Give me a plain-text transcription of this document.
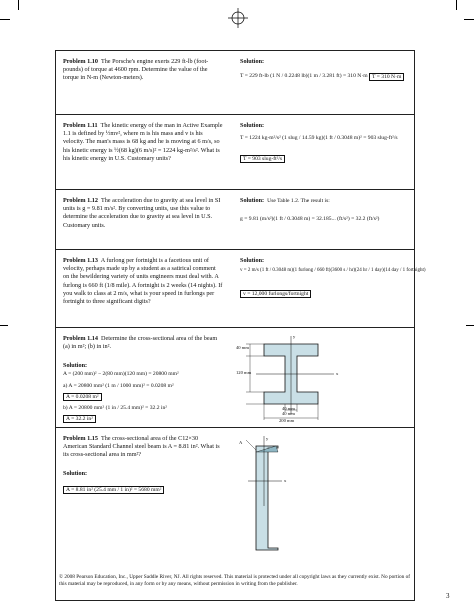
Problem 1.10 The Porsche's engine exerts 229 ft-lb (foot-pounds) of torque at 4600 rpm. Determine the value of the torque in N-m (Newton-meters).
Solution:
T = 229 ft-lb (1 N / 0.2248 lb)(1 m / 3.281 ft) = 310 N·m T = 310 N·m
Problem 1.11 The kinetic energy of the man in Active Example 1.1 is defined by ½mv², where m is his mass and v is his velocity. The man's mass is 68 kg and he is moving at 6 m/s, so his kinetic energy is ½(68 kg)(6 m/s)² = 1224 kg-m²/s². What is his kinetic energy in U.S. Customary units?
Solution:
T = 1224 kg-m²/s² (1 slug / 14.59 kg)(1 ft / 0.3048 m)² = 903 slug-ft²/s
T = 903 slug-ft²/s
Problem 1.12 The acceleration due to gravity at sea level in SI units is g = 9.81 m/s². By converting units, use this value to determine the acceleration due to gravity at sea level in U.S. Customary units.
Solution: Use Table 1.2. The result is:
g = 9.81 (m/s²)(1 ft / 0.3048 m) = 32.185... (ft/s²) = 32.2 (ft/s²)
Problem 1.13 A furlong per fortnight is a facetious unit of velocity, perhaps made up by a student as a satirical comment on the bewildering variety of units engineers must deal with. A furlong is 660 ft (1/8 mile). A fortnight is 2 weeks (14 nights). If you walk to class at 2 m/s, what is your speed in furlongs per fortnight to three significant digits?
Solution:
v = 2 m/s (1 ft / 0.3048 m)(1 furlong / 660 ft)(3600 s / hr)(24 hr / 1 day)(14 day / 1 fortnight)
v = 12,000 furlongs/fortnight
Problem 1.14 Determine the cross-sectional area of the beam (a) in m²; (b) in in².
Solution:
A = (200 mm)² − 2(80 mm)(120 mm) = 20800 mm²
a) A = 20800 mm² (1 m / 1000 mm)² = 0.0208 m²
A = 0.0208 m²
b) A = 20800 mm² (1 in / 25.4 mm)² = 32.2 in²
A = 32.2 in²
40 mm
120 mm
40 mm
40 mm
200 mm
y
x
Problem 1.15 The cross-sectional area of the C12×30 American Standard Channel steel beam is A = 8.81 in². What is its cross-sectional area in mm²?
Solution:
A = 8.81 in² (25.4 mm / 1 in)² = 5680 mm²
A
y
x
© 2008 Pearson Education, Inc., Upper Saddle River, NJ. All rights reserved. This material is protected under all copyright laws as they currently exist. No portion of this material may be reproduced, in any form or by any means, without permission in writing from the publisher.
3
